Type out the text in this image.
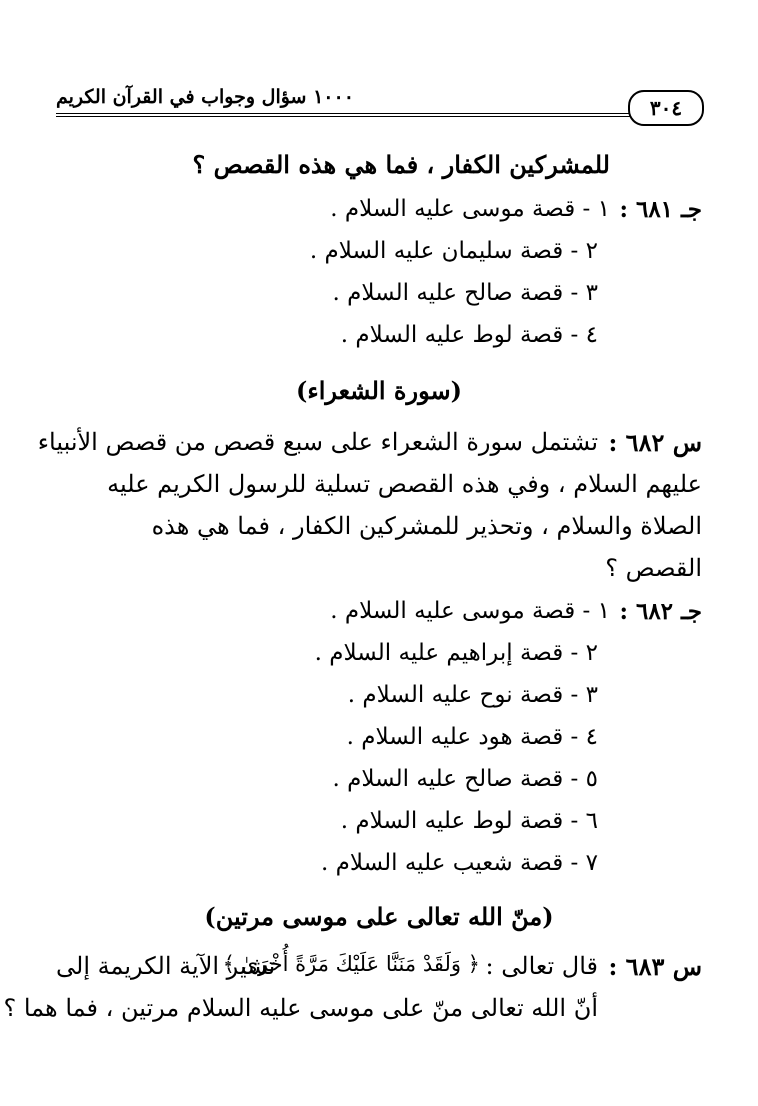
٣٠٤
١٠٠٠ سؤال وجواب في القرآن الكريم
للمشركين الكفار ، فما هي هذه القصص ؟
جـ ٦٨١ :
١ - قصة موسى عليه السلام .
٢ - قصة سليمان عليه السلام .
٣ - قصة صالح عليه السلام .
٤ - قصة لوط عليه السلام .
(سورة الشعراء)
س ٦٨٢ :
تشتمل سورة الشعراء على سبع قصص من قصص الأنبياء
عليهم السلام ، وفي هذه القصص تسلية للرسول الكريم عليه
الصلاة والسلام ، وتحذير للمشركين الكفار ، فما هي هذه
القصص ؟
جـ ٦٨٢ :
١ - قصة موسى عليه السلام .
٢ - قصة إبراهيم عليه السلام .
٣ - قصة نوح عليه السلام .
٤ - قصة هود عليه السلام .
٥ - قصة صالح عليه السلام .
٦ - قصة لوط عليه السلام .
٧ - قصة شعيب عليه السلام .
(منّ الله تعالى على موسى مرتين)
س ٦٨٣ :
قال تعالى :
﴿ وَلَقَدْ مَنَنَّا عَلَيْكَ مَرَّةً أُخْرَىٰ ﴾
تشير الآية الكريمة إلى
أنّ الله تعالى منّ على موسى عليه السلام مرتين ، فما هما ؟
